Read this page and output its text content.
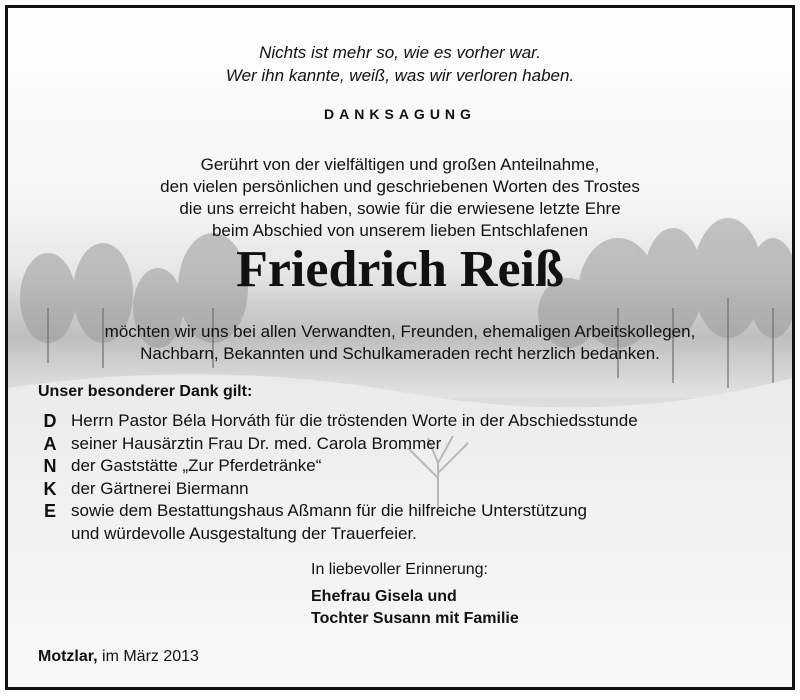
Nichts ist mehr so, wie es vorher war.
Wer ihn kannte, weiß, was wir verloren haben.
DANKSAGUNG
Gerührt von der vielfältigen und großen Anteilnahme,
den vielen persönlichen und geschriebenen Worten des Trostes
die uns erreicht haben, sowie für die erwiesene letzte Ehre
beim Abschied von unserem lieben Entschlafenen
Friedrich Reiß
möchten wir uns bei allen Verwandten, Freunden, ehemaligen Arbeitskollegen,
Nachbarn, Bekannten und Schulkameraden recht herzlich bedanken.
Unser besonderer Dank gilt:
D
A
N
K
E
Herrn Pastor Béla Horváth für die tröstenden Worte in der Abschiedsstunde
seiner Hausärztin Frau Dr. med. Carola Brommer
der Gaststätte „Zur Pferdetränke“
der Gärtnerei Biermann
sowie dem Bestattungshaus Aßmann für die hilfreiche Unterstützung
und würdevolle Ausgestaltung der Trauerfeier.
In liebevoller Erinnerung:
Ehefrau Gisela und
Tochter Susann mit Familie
Motzlar, im März 2013
